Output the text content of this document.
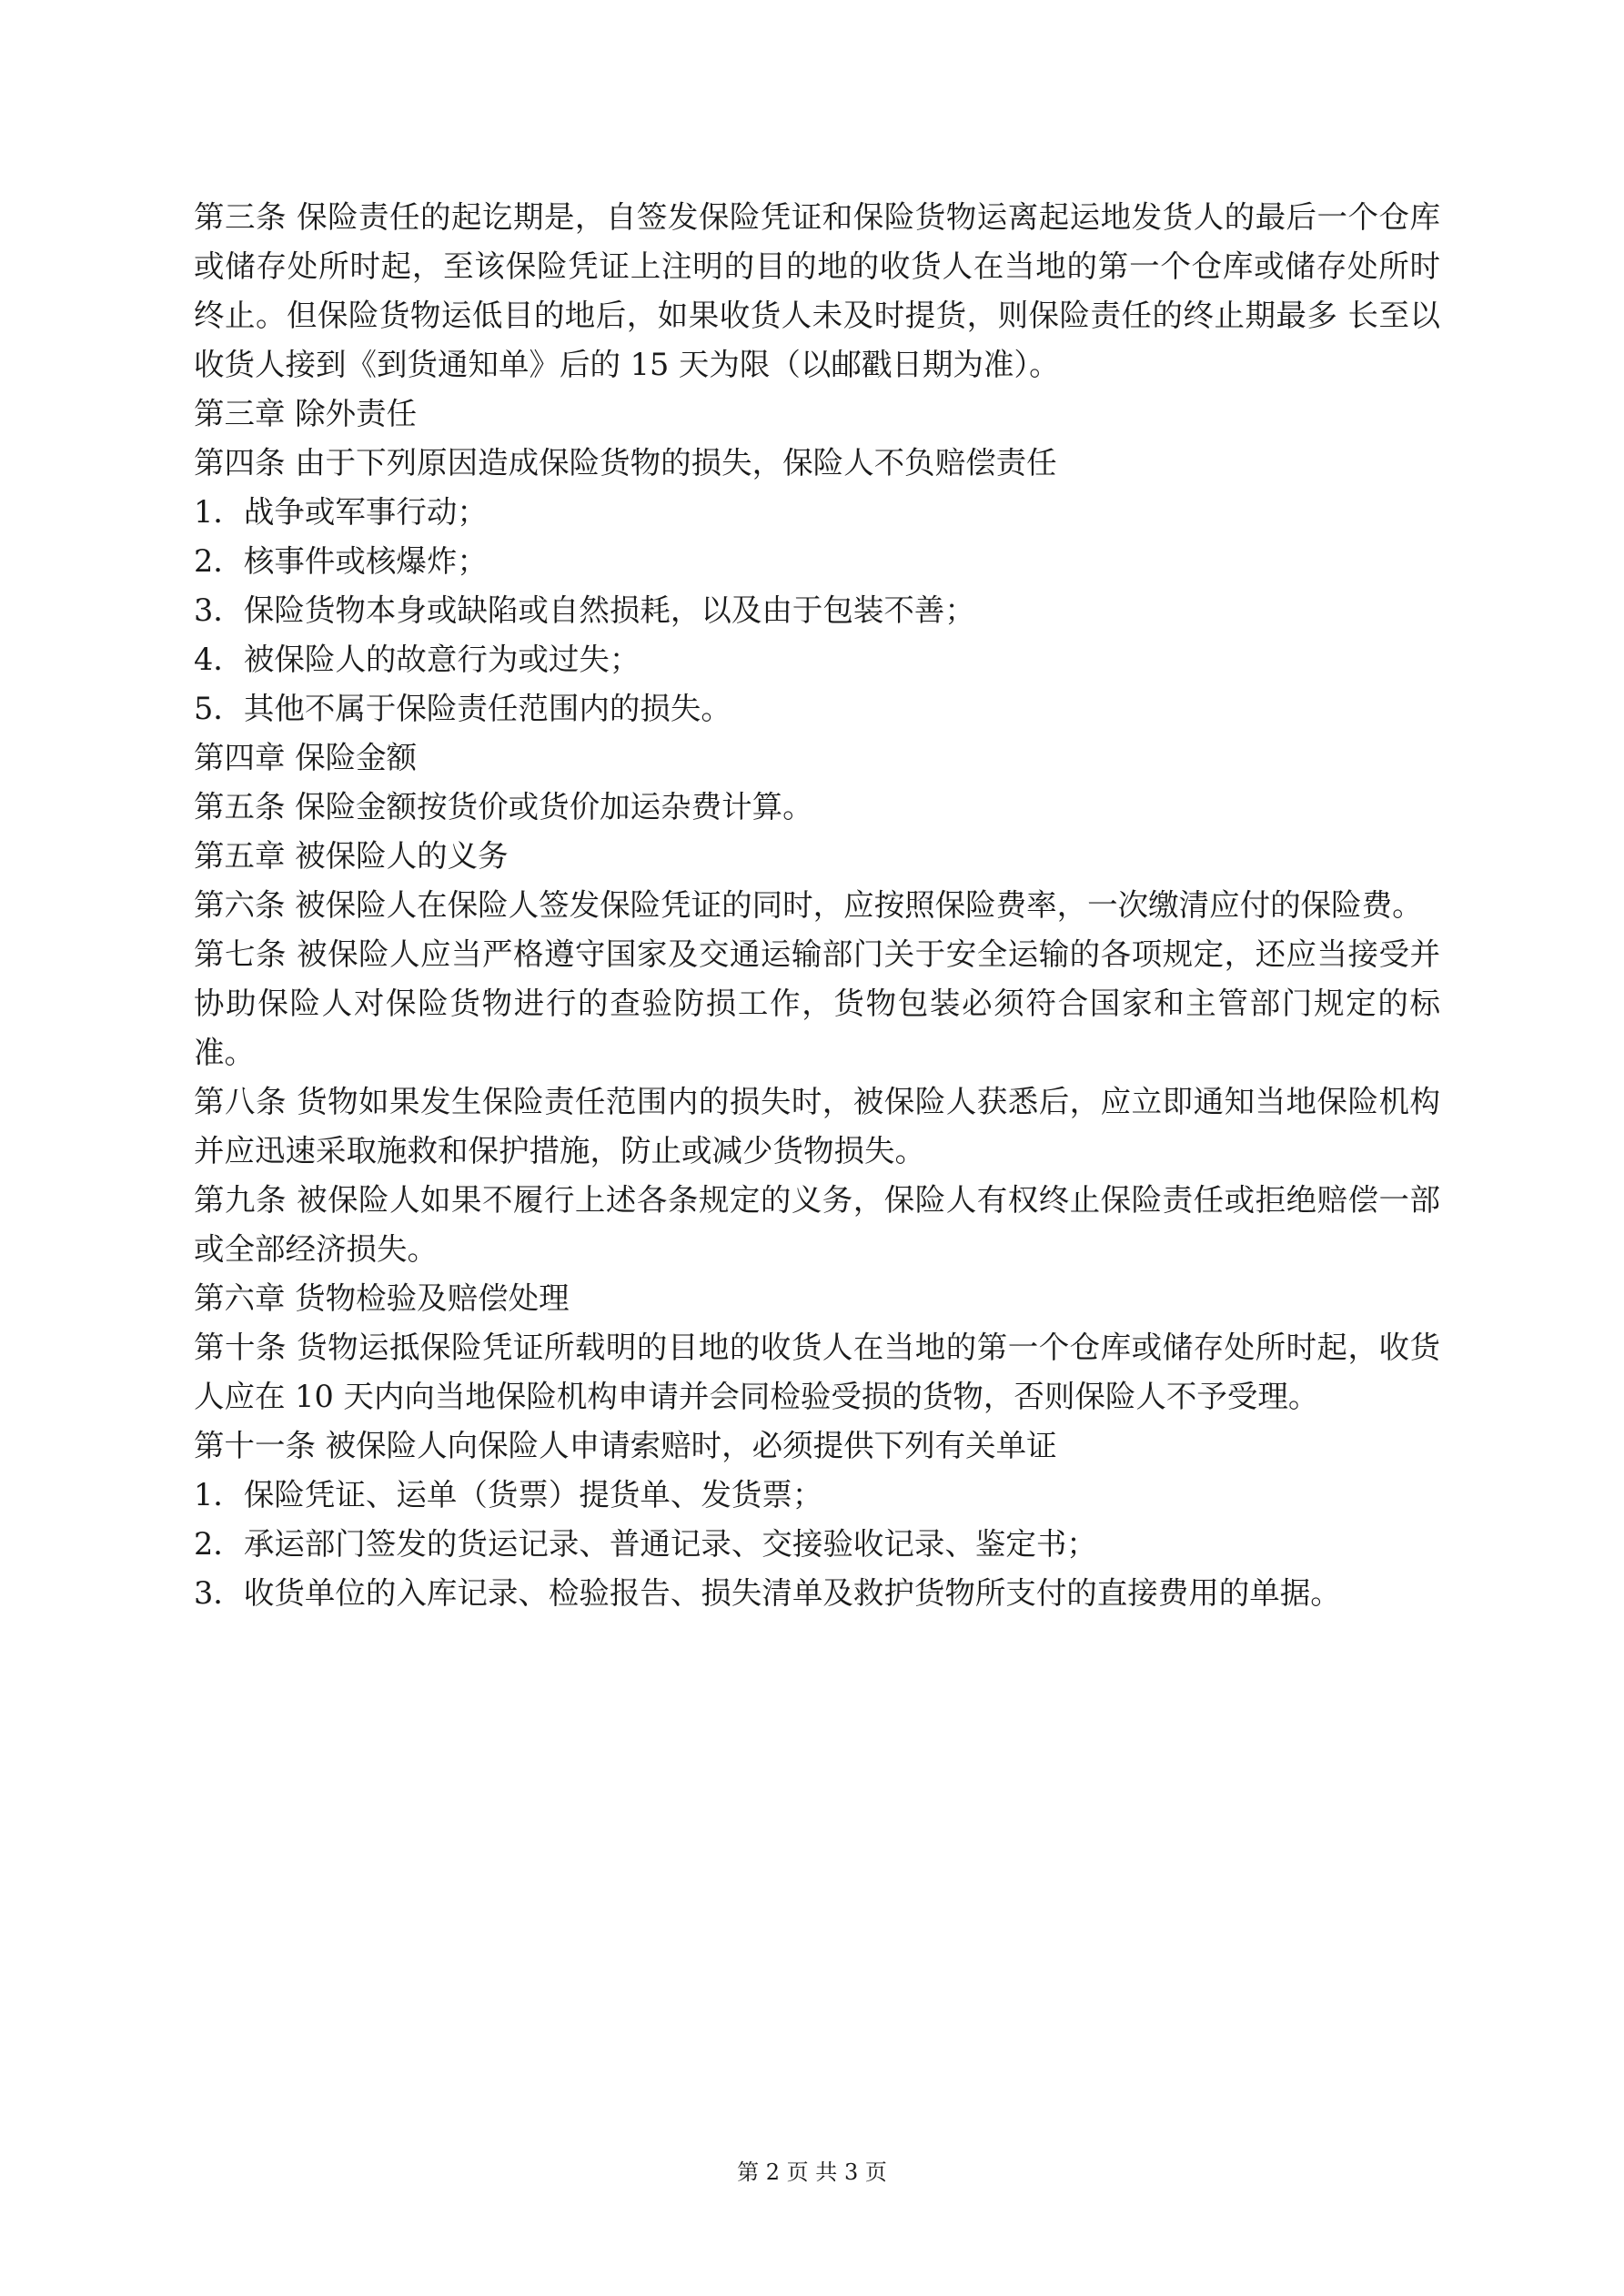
第三条 保险责任的起讫期是，自签发保险凭证和保险货物运离起运地发货人的最后一个仓库或储存处所时起，至该保险凭证上注明的目的地的收货人在当地的第一个仓库或储存处所时终止。但保险货物运低目的地后，如果收货人未及时提货，则保险责任的终止期最多 长至以收货人接到《到货通知单》后的 15 天为限（以邮戳日期为准）。

第三章 除外责任

第四条 由于下列原因造成保险货物的损失，保险人不负赔偿责任

1．战争或军事行动；

2．核事件或核爆炸；

3．保险货物本身或缺陷或自然损耗，以及由于包装不善；

4．被保险人的故意行为或过失；

5．其他不属于保险责任范围内的损失。

第四章 保险金额

第五条 保险金额按货价或货价加运杂费计算。

第五章 被保险人的义务

第六条 被保险人在保险人签发保险凭证的同时，应按照保险费率，一次缴清应付的保险费。

第七条 被保险人应当严格遵守国家及交通运输部门关于安全运输的各项规定，还应当接受并协助保险人对保险货物进行的查验防损工作，货物包装必须符合国家和主管部门规定的标准。

第八条 货物如果发生保险责任范围内的损失时，被保险人获悉后，应立即通知当地保险机构并应迅速采取施救和保护措施，防止或减少货物损失。

第九条 被保险人如果不履行上述各条规定的义务，保险人有权终止保险责任或拒绝赔偿一部或全部经济损失。

第六章 货物检验及赔偿处理

第十条 货物运抵保险凭证所载明的目地的收货人在当地的第一个仓库或储存处所时起，收货人应在 10 天内向当地保险机构申请并会同检验受损的货物，否则保险人不予受理。

第十一条 被保险人向保险人申请索赔时，必须提供下列有关单证

1．保险凭证、运单（货票）提货单、发货票；

2．承运部门签发的货运记录、普通记录、交接验收记录、鉴定书；

3．收货单位的入库记录、检验报告、损失清单及救护货物所支付的直接费用的单据。

第 2 页 共 3 页
